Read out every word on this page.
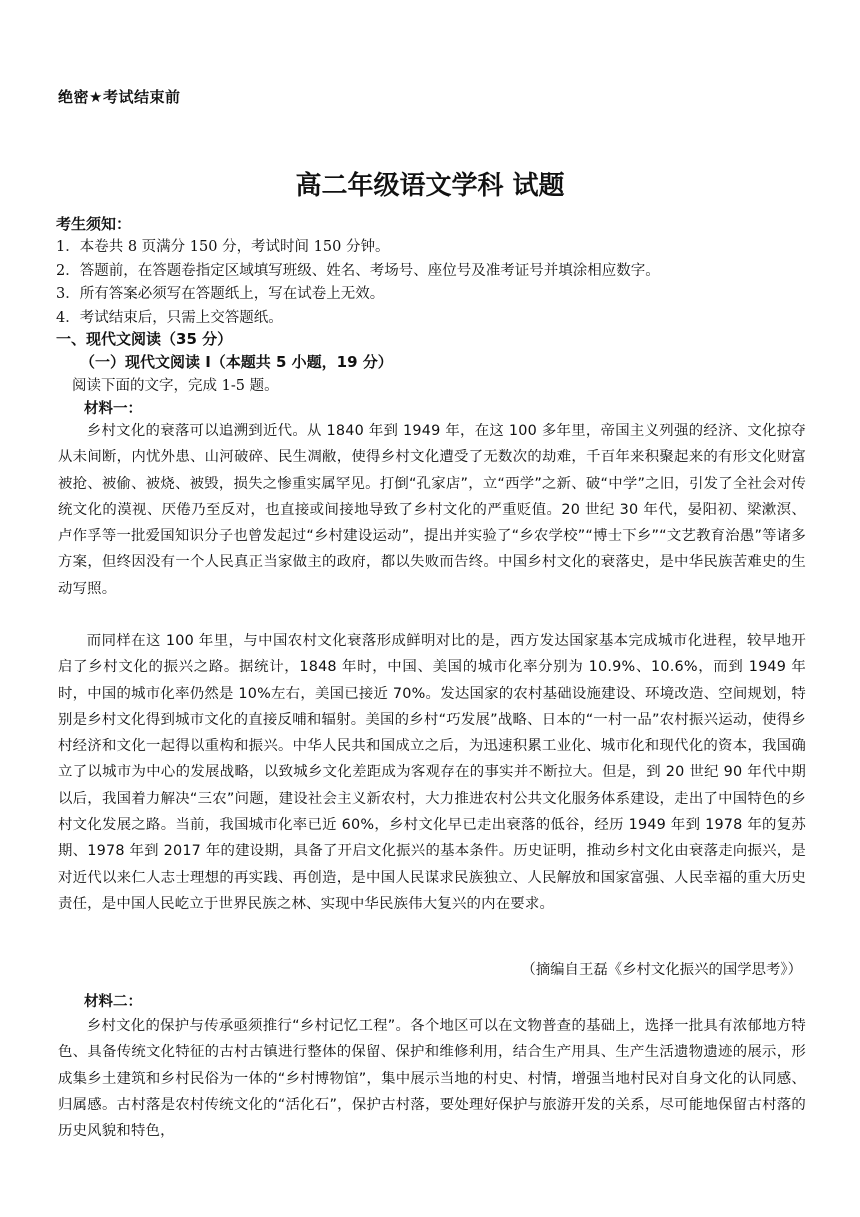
绝密★考试结束前
高二年级语文学科 试题
考生须知：
1．本卷共 8 页满分 150 分，考试时间 150 分钟。
2．答题前，在答题卷指定区域填写班级、姓名、考场号、座位号及准考证号并填涂相应数字。
3．所有答案必须写在答题纸上，写在试卷上无效。
4．考试结束后，只需上交答题纸。
一、现代文阅读（35 分）
（一）现代文阅读 I（本题共 5 小题，19 分）
阅读下面的文字，完成 1-5 题。
材料一：
乡村文化的衰落可以追溯到近代。从 1840 年到 1949 年，在这 100 多年里，帝国主义列强的经济、文化掠夺从未间断，内忧外患、山河破碎、民生凋敝，使得乡村文化遭受了无数次的劫难，千百年来积聚起来的有形文化财富被抢、被偷、被烧、被毁，损失之惨重实属罕见。打倒“孔家店”，立“西学”之新、破“中学”之旧，引发了全社会对传统文化的漠视、厌倦乃至反对，也直接或间接地导致了乡村文化的严重贬值。20 世纪 30 年代，晏阳初、梁漱溟、卢作孚等一批爱国知识分子也曾发起过“乡村建设运动”，提出并实验了“乡农学校”“博士下乡”“文艺教育治愚”等诸多方案，但终因没有一个人民真正当家做主的政府，都以失败而告终。中国乡村文化的衰落史，是中华民族苦难史的生动写照。
而同样在这 100 年里，与中国农村文化衰落形成鲜明对比的是，西方发达国家基本完成城市化进程，较早地开启了乡村文化的振兴之路。据统计，1848 年时，中国、美国的城市化率分别为 10.9%、10.6%，而到 1949 年时，中国的城市化率仍然是 10%左右，美国已接近 70%。发达国家的农村基础设施建设、环境改造、空间规划，特别是乡村文化得到城市文化的直接反哺和辐射。美国的乡村“巧发展”战略、日本的“一村一品”农村振兴运动，使得乡村经济和文化一起得以重构和振兴。中华人民共和国成立之后，为迅速积累工业化、城市化和现代化的资本，我国确立了以城市为中心的发展战略，以致城乡文化差距成为客观存在的事实并不断拉大。但是，到 20 世纪 90 年代中期以后，我国着力解决“三农”问题，建设社会主义新农村，大力推进农村公共文化服务体系建设，走出了中国特色的乡村文化发展之路。当前，我国城市化率已近 60%，乡村文化早已走出衰落的低谷，经历 1949 年到 1978 年的复苏期、1978 年到 2017 年的建设期，具备了开启文化振兴的基本条件。历史证明，推动乡村文化由衰落走向振兴，是对近代以来仁人志士理想的再实践、再创造，是中国人民谋求民族独立、人民解放和国家富强、人民幸福的重大历史责任，是中国人民屹立于世界民族之林、实现中华民族伟大复兴的内在要求。
（摘编自王磊《乡村文化振兴的国学思考》）
材料二：
乡村文化的保护与传承亟须推行“乡村记忆工程”。各个地区可以在文物普查的基础上，选择一批具有浓郁地方特色、具备传统文化特征的古村古镇进行整体的保留、保护和维修利用，结合生产用具、生产生活遗物遗迹的展示，形成集乡土建筑和乡村民俗为一体的“乡村博物馆”，集中展示当地的村史、村情，增强当地村民对自身文化的认同感、归属感。古村落是农村传统文化的“活化石”，保护古村落，要处理好保护与旅游开发的关系，尽可能地保留古村落的历史风貌和特色，
